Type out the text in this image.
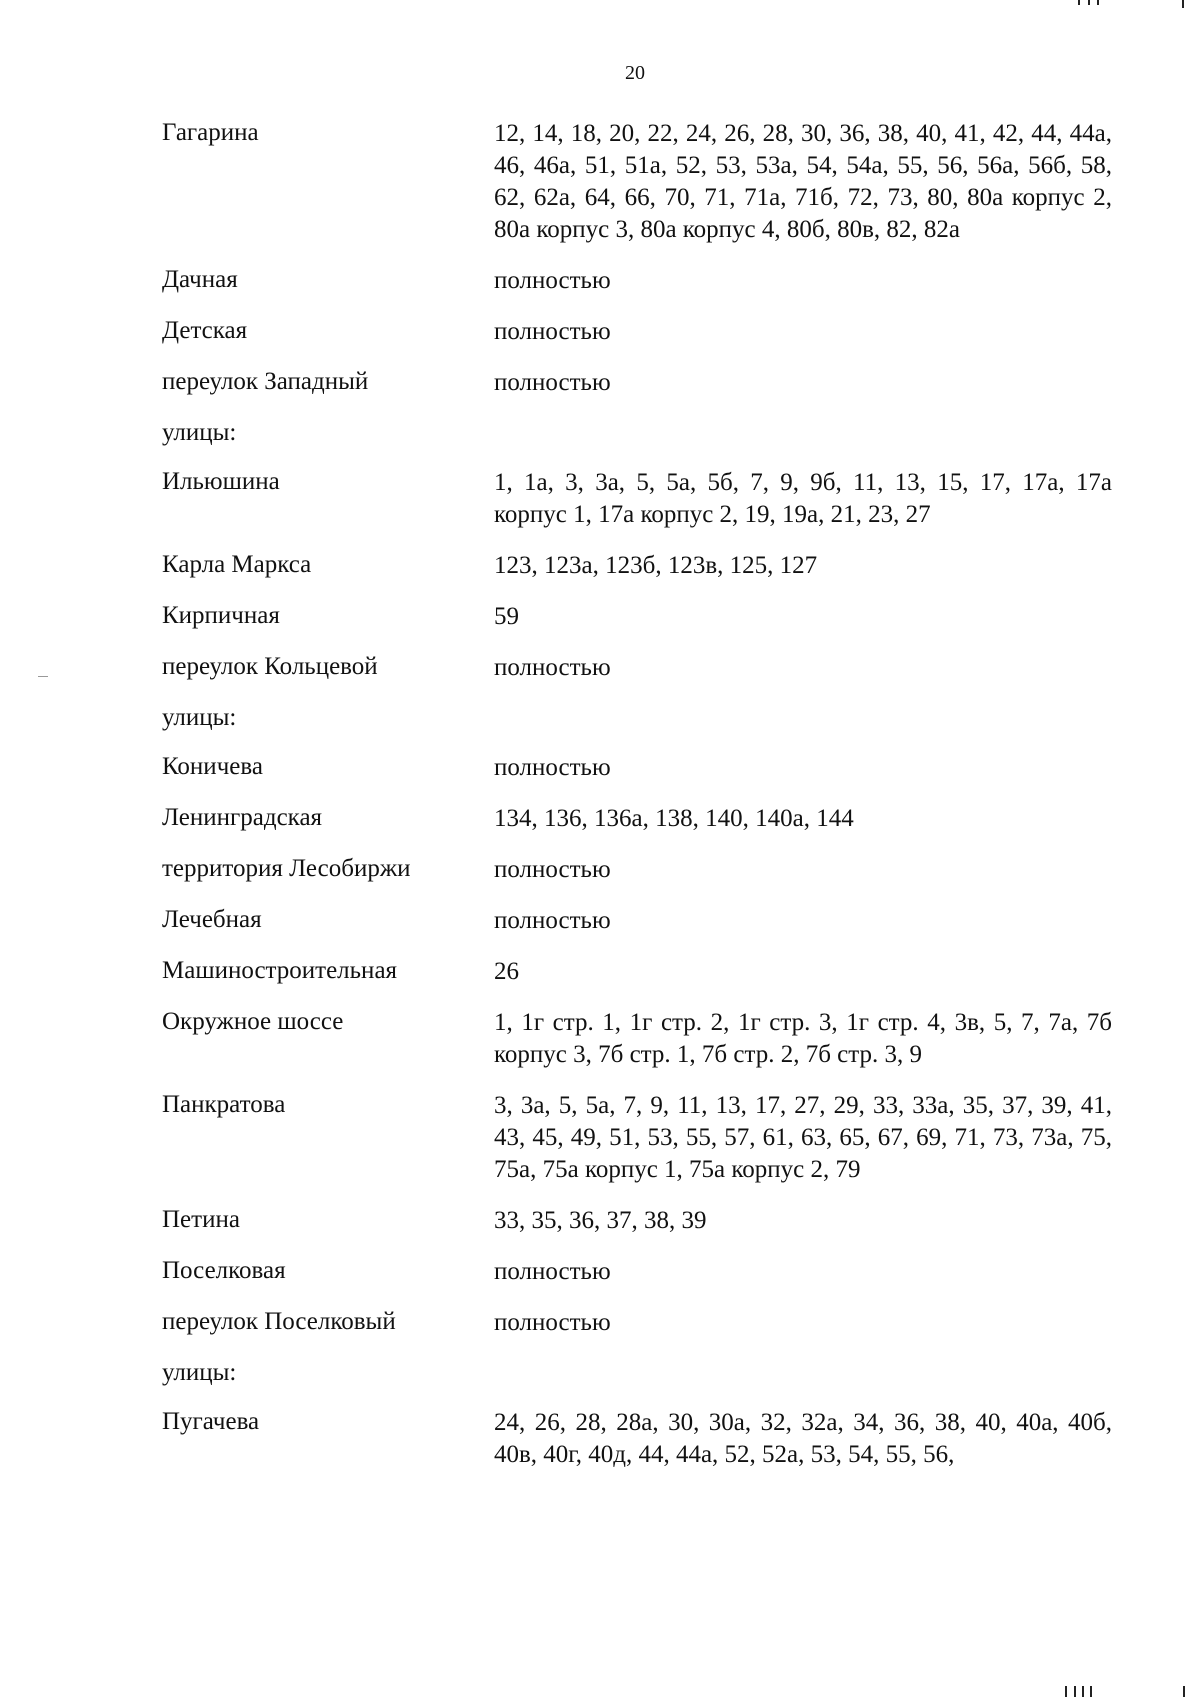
20
Гагарина	12, 14, 18, 20, 22, 24, 26, 28, 30, 36, 38, 40, 41, 42, 44, 44а, 46, 46а, 51, 51а, 52, 53, 53а, 54, 54а, 55, 56, 56а, 56б, 58, 62, 62а, 64, 66, 70, 71, 71а, 71б, 72, 73, 80, 80а корпус 2, 80а корпус 3, 80а корпус 4, 80б, 80в, 82, 82а
Дачная	полностью
Детская	полностью
переулок Западный	полностью
улицы:
Ильюшина	1, 1а, 3, 3а, 5, 5а, 5б, 7, 9, 9б, 11, 13, 15, 17, 17а, 17а корпус 1, 17а корпус 2, 19, 19а, 21, 23, 27
Карла Маркса	123, 123а, 123б, 123в, 125, 127
Кирпичная	59
переулок Кольцевой	полностью
улицы:
Коничева	полностью
Ленинградская	134, 136, 136а, 138, 140, 140а, 144
территория Лесобиржи	полностью
Лечебная	полностью
Машиностроительная	26
Окружное шоссе	1, 1г стр. 1, 1г стр. 2, 1г стр. 3, 1г стр. 4, 3в, 5, 7, 7а, 7б корпус 3, 7б стр. 1, 7б стр. 2, 7б стр. 3, 9
Панкратова	3, 3а, 5, 5а, 7, 9, 11, 13, 17, 27, 29, 33, 33а, 35, 37, 39, 41, 43, 45, 49, 51, 53, 55, 57, 61, 63, 65, 67, 69, 71, 73, 73а, 75, 75а, 75а корпус 1, 75а корпус 2, 79
Петина	33, 35, 36, 37, 38, 39
Поселковая	полностью
переулок Поселковый	полностью
улицы:
Пугачева	24, 26, 28, 28а, 30, 30а, 32, 32а, 34, 36, 38, 40, 40а, 40б, 40в, 40г, 40д, 44, 44а, 52, 52а, 53, 54, 55, 56,
